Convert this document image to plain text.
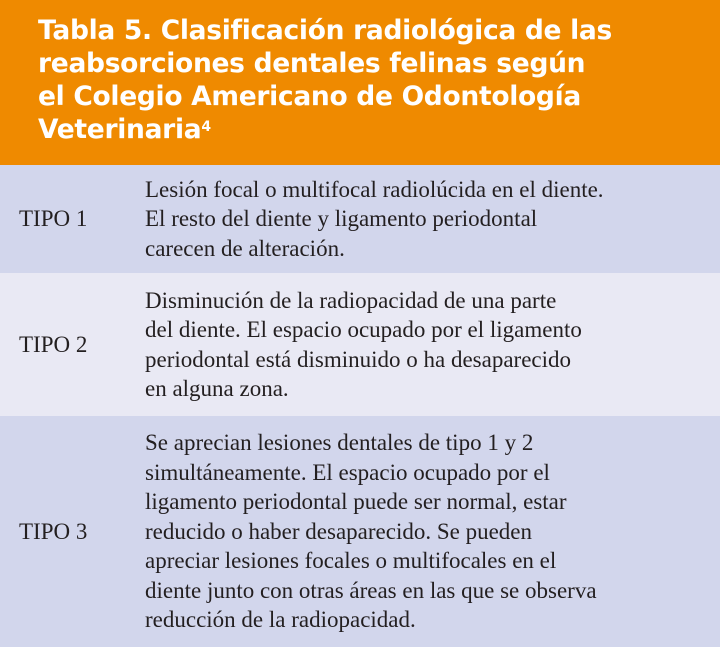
Tabla 5. Clasificación radiológica de las
reabsorciones dentales felinas según
el Colegio Americano de Odontología
Veterinaria$^4$
TIPO 1
Lesión focal o multifocal radiolúcida en el diente.
El resto del diente y ligamento periodontal
carecen de alteración.
TIPO 2
Disminución de la radiopacidad de una parte
del diente. El espacio ocupado por el ligamento
periodontal está disminuido o ha desaparecido
en alguna zona.
TIPO 3
Se aprecian lesiones dentales de tipo 1 y 2
simultáneamente. El espacio ocupado por el
ligamento periodontal puede ser normal, estar
reducido o haber desaparecido. Se pueden
apreciar lesiones focales o multifocales en el
diente junto con otras áreas en las que se observa
reducción de la radiopacidad.
